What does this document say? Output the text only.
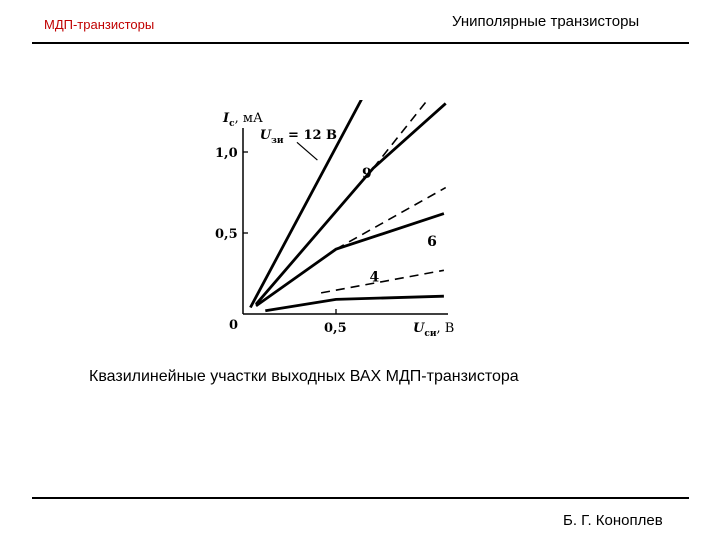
МДП-транзисторы	Униполярные транзисторы
0,5
0,5
1,0
$U_{зи} = 12$ В
9
6
4
$I_с$, мА
$U_{си}$, В
0
Квазилинейные участки выходных ВАХ МДП-транзистора
Б. Г. Коноплев
